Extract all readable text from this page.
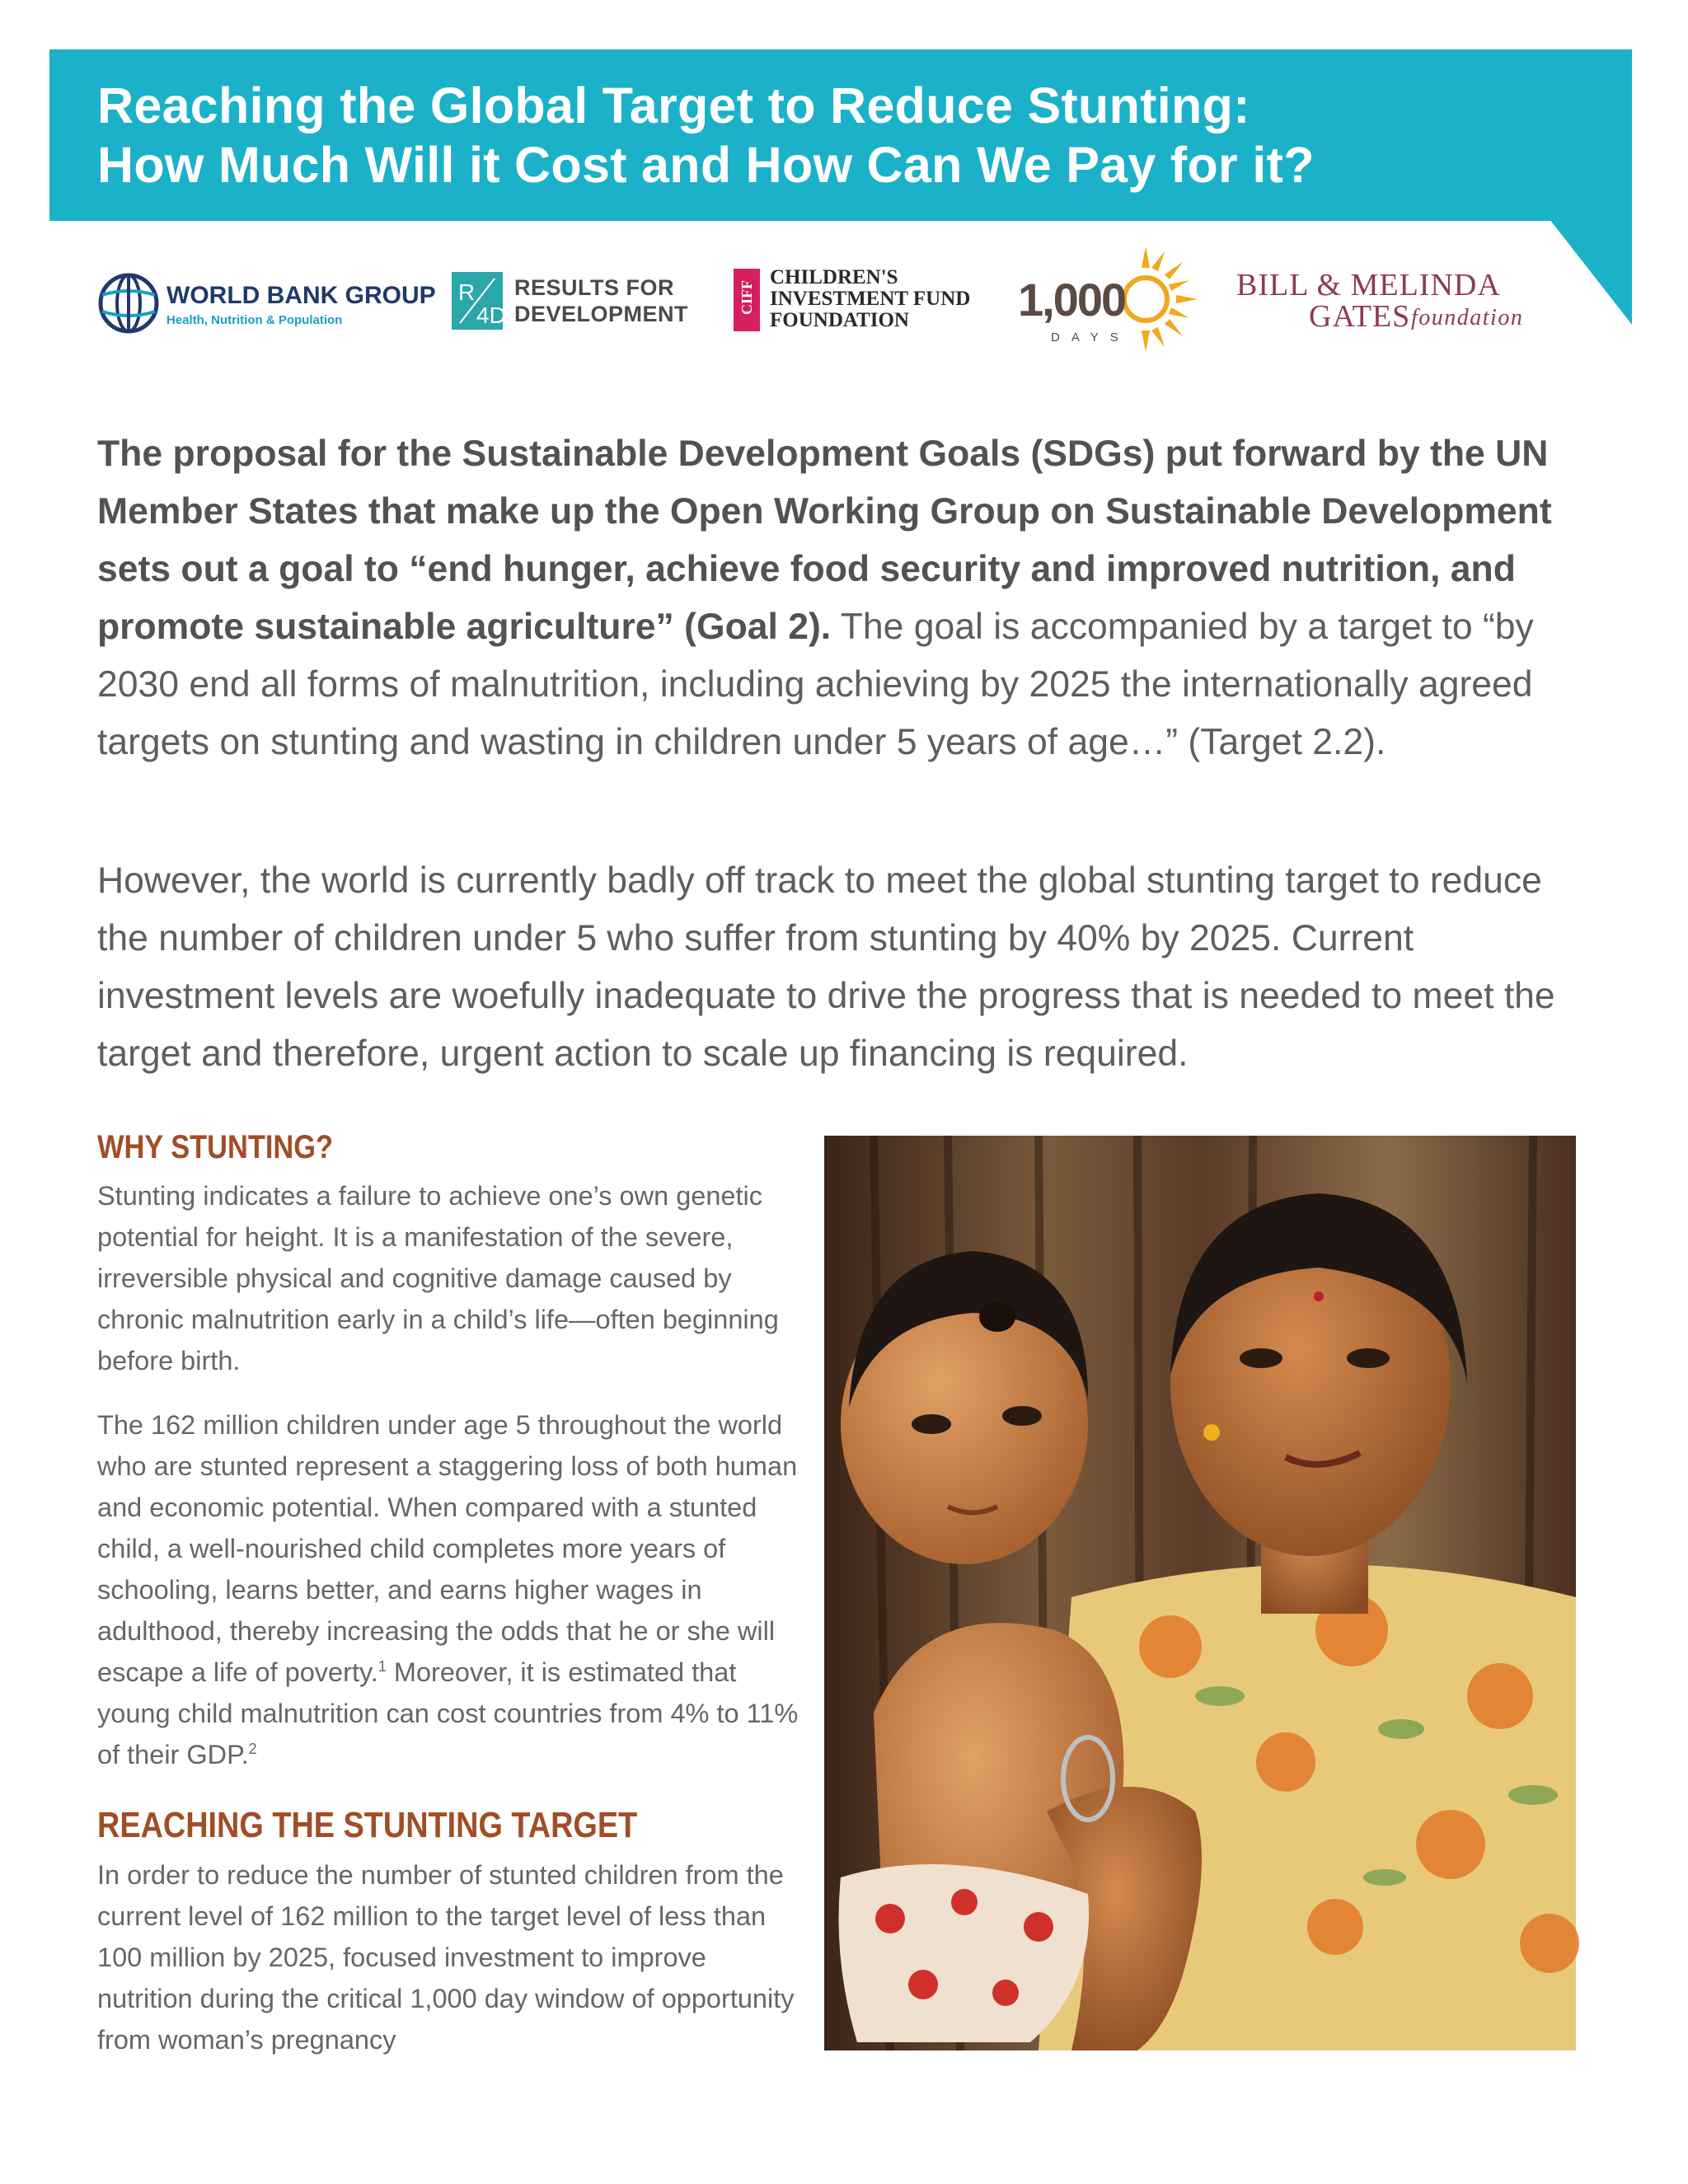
Reaching the Global Target to Reduce Stunting:
How Much Will it Cost and How Can We Pay for it?
WORLD BANK GROUP
Health, Nutrition & Population
R
4D
RESULTS FOR
DEVELOPMENT	CIFF
CHILDREN'S
INVESTMENT FUND
FOUNDATION 1,000
DAYS
BILL & MELINDA
GATES foundation

The proposal for the Sustainable Development Goals (SDGs) put forward by the UN Member States that make up the Open Working Group on Sustainable Development sets out a goal to “end hunger, achieve food security and improved nutrition, and promote sustainable agriculture” (Goal 2). The goal is accompanied by a target to “by 2030 end all forms of malnutrition, including achieving by 2025 the internationally agreed targets on stunting and wasting in children under 5 years of age…” (Target 2.2).

However, the world is currently badly off track to meet the global stunting target to reduce the number of children under 5 who suffer from stunting by 40% by 2025. Current investment levels are woefully inadequate to drive the progress that is needed to meet the target and therefore, urgent action to scale up financing is required.

WHY STUNTING?

Stunting indicates a failure to achieve one’s own genetic potential for height. It is a manifestation of the severe, irreversible physical and cognitive damage caused by chronic malnutrition early in a child’s life—often beginning before birth.

The 162 million children under age 5 throughout the world who are stunted represent a staggering loss of both human and economic potential. When compared with a stunted child, a well-nourished child completes more years of schooling, learns better, and earns higher wages in adulthood, thereby increasing the odds that he or she will escape a life of poverty.$^1$ Moreover, it is estimated that young child malnutrition can cost countries from 4% to 11% of their GDP.$^2$

REACHING THE STUNTING TARGET

In order to reduce the number of stunted children from the current level of 162 million to the target level of less than 100 million by 2025, focused investment to improve nutrition during the critical 1,000 day window of opportunity from woman’s pregnancy
